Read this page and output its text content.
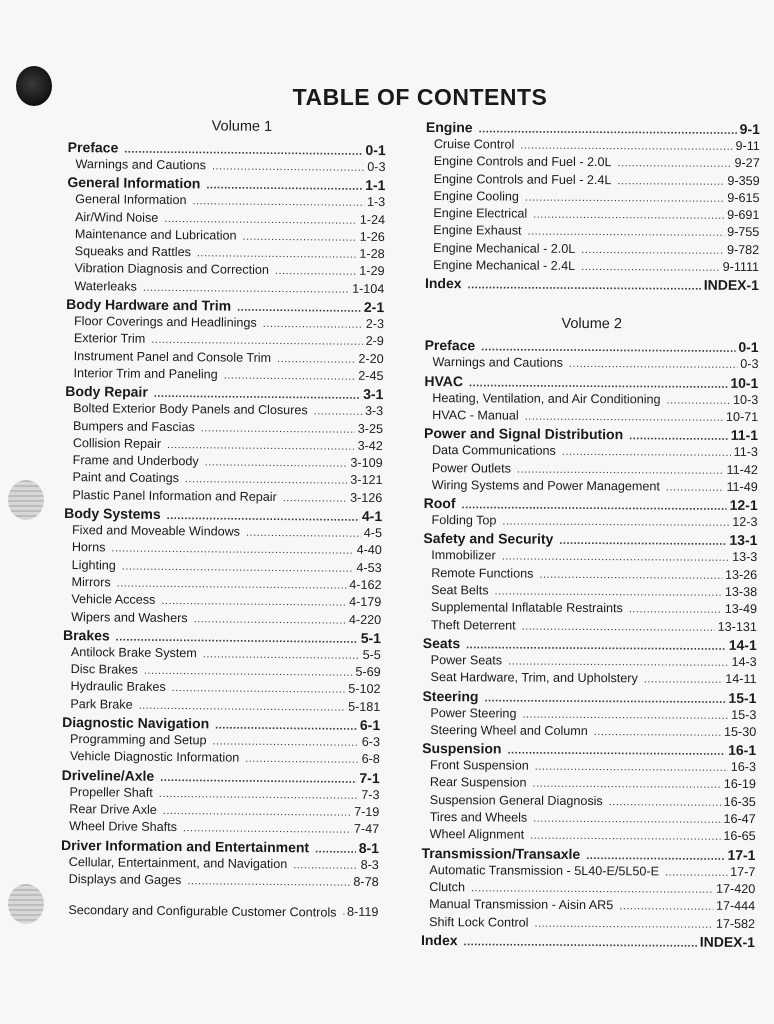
TABLE OF CONTENTS
Volume 1
Preface .....	0-1
Warnings and Cautions .....	0-3
General Information .....	1-1
General Information .....	1-3
Air/Wind Noise .....	1-24
Maintenance and Lubrication .....	1-26
Squeaks and Rattles .....	1-28
Vibration Diagnosis and Correction .....	1-29
Waterleaks .....	1-104
Body Hardware and Trim .....	2-1
Floor Coverings and Headlinings .....	2-3
Exterior Trim .....	2-9
Instrument Panel and Console Trim .....	2-20
Interior Trim and Paneling .....	2-45
Body Repair .....	3-1
Bolted Exterior Body Panels and Closures .....	3-3
Bumpers and Fascias .....	3-25
Collision Repair .....	3-42
Frame and Underbody .....	3-109
Paint and Coatings .....	3-121
Plastic Panel Information and Repair .....	3-126
Body Systems .....	4-1
Fixed and Moveable Windows .....	4-5
Horns .....	4-40
Lighting .....	4-53
Mirrors .....	4-162
Vehicle Access .....	4-179
Wipers and Washers .....	4-220
Brakes .....	5-1
Antilock Brake System .....	5-5
Disc Brakes .....	5-69
Hydraulic Brakes .....	5-102
Park Brake .....	5-181
Diagnostic Navigation .....	6-1
Programming and Setup .....	6-3
Vehicle Diagnostic Information .....	6-8
Driveline/Axle .....	7-1
Propeller Shaft .....	7-3
Rear Drive Axle .....	7-19
Wheel Drive Shafts .....	7-47
Driver Information and Entertainment .....	8-1
Cellular, Entertainment, and Navigation .....	8-3
Displays and Gages .....	8-78
Secondary and Configurable Customer Controls ..... 8-119
Engine .....	9-1
Cruise Control .....	9-11
Engine Controls and Fuel - 2.0L .....	9-27
Engine Controls and Fuel - 2.4L .....	9-359
Engine Cooling .....	9-615
Engine Electrical .....	9-691
Engine Exhaust .....	9-755
Engine Mechanical - 2.0L .....	9-782
Engine Mechanical - 2.4L .....	9-1111
Index .....	INDEX-1
Volume 2
Preface .....	0-1
Warnings and Cautions .....	0-3
HVAC .....	10-1
Heating, Ventilation, and Air Conditioning .....	10-3
HVAC - Manual .....	10-71
Power and Signal Distribution .....	11-1
Data Communications .....	11-3
Power Outlets .....	11-42
Wiring Systems and Power Management .....	11-49
Roof .....	12-1
Folding Top .....	12-3
Safety and Security .....	13-1
Immobilizer .....	13-3
Remote Functions .....	13-26
Seat Belts .....	13-38
Supplemental Inflatable Restraints .....	13-49
Theft Deterrent .....	13-131
Seats .....	14-1
Power Seats .....	14-3
Seat Hardware, Trim, and Upholstery .....	14-11
Steering .....	15-1
Power Steering .....	15-3
Steering Wheel and Column .....	15-30
Suspension .....	16-1
Front Suspension .....	16-3
Rear Suspension .....	16-19
Suspension General Diagnosis .....	16-35
Tires and Wheels .....	16-47
Wheel Alignment .....	16-65
Transmission/Transaxle .....	17-1
Automatic Transmission - 5L40-E/5L50-E .....	17-7
Clutch .....	17-420
Manual Transmission - Aisin AR5 .....	17-444
Shift Lock Control .....	17-582
Index .....	INDEX-1
